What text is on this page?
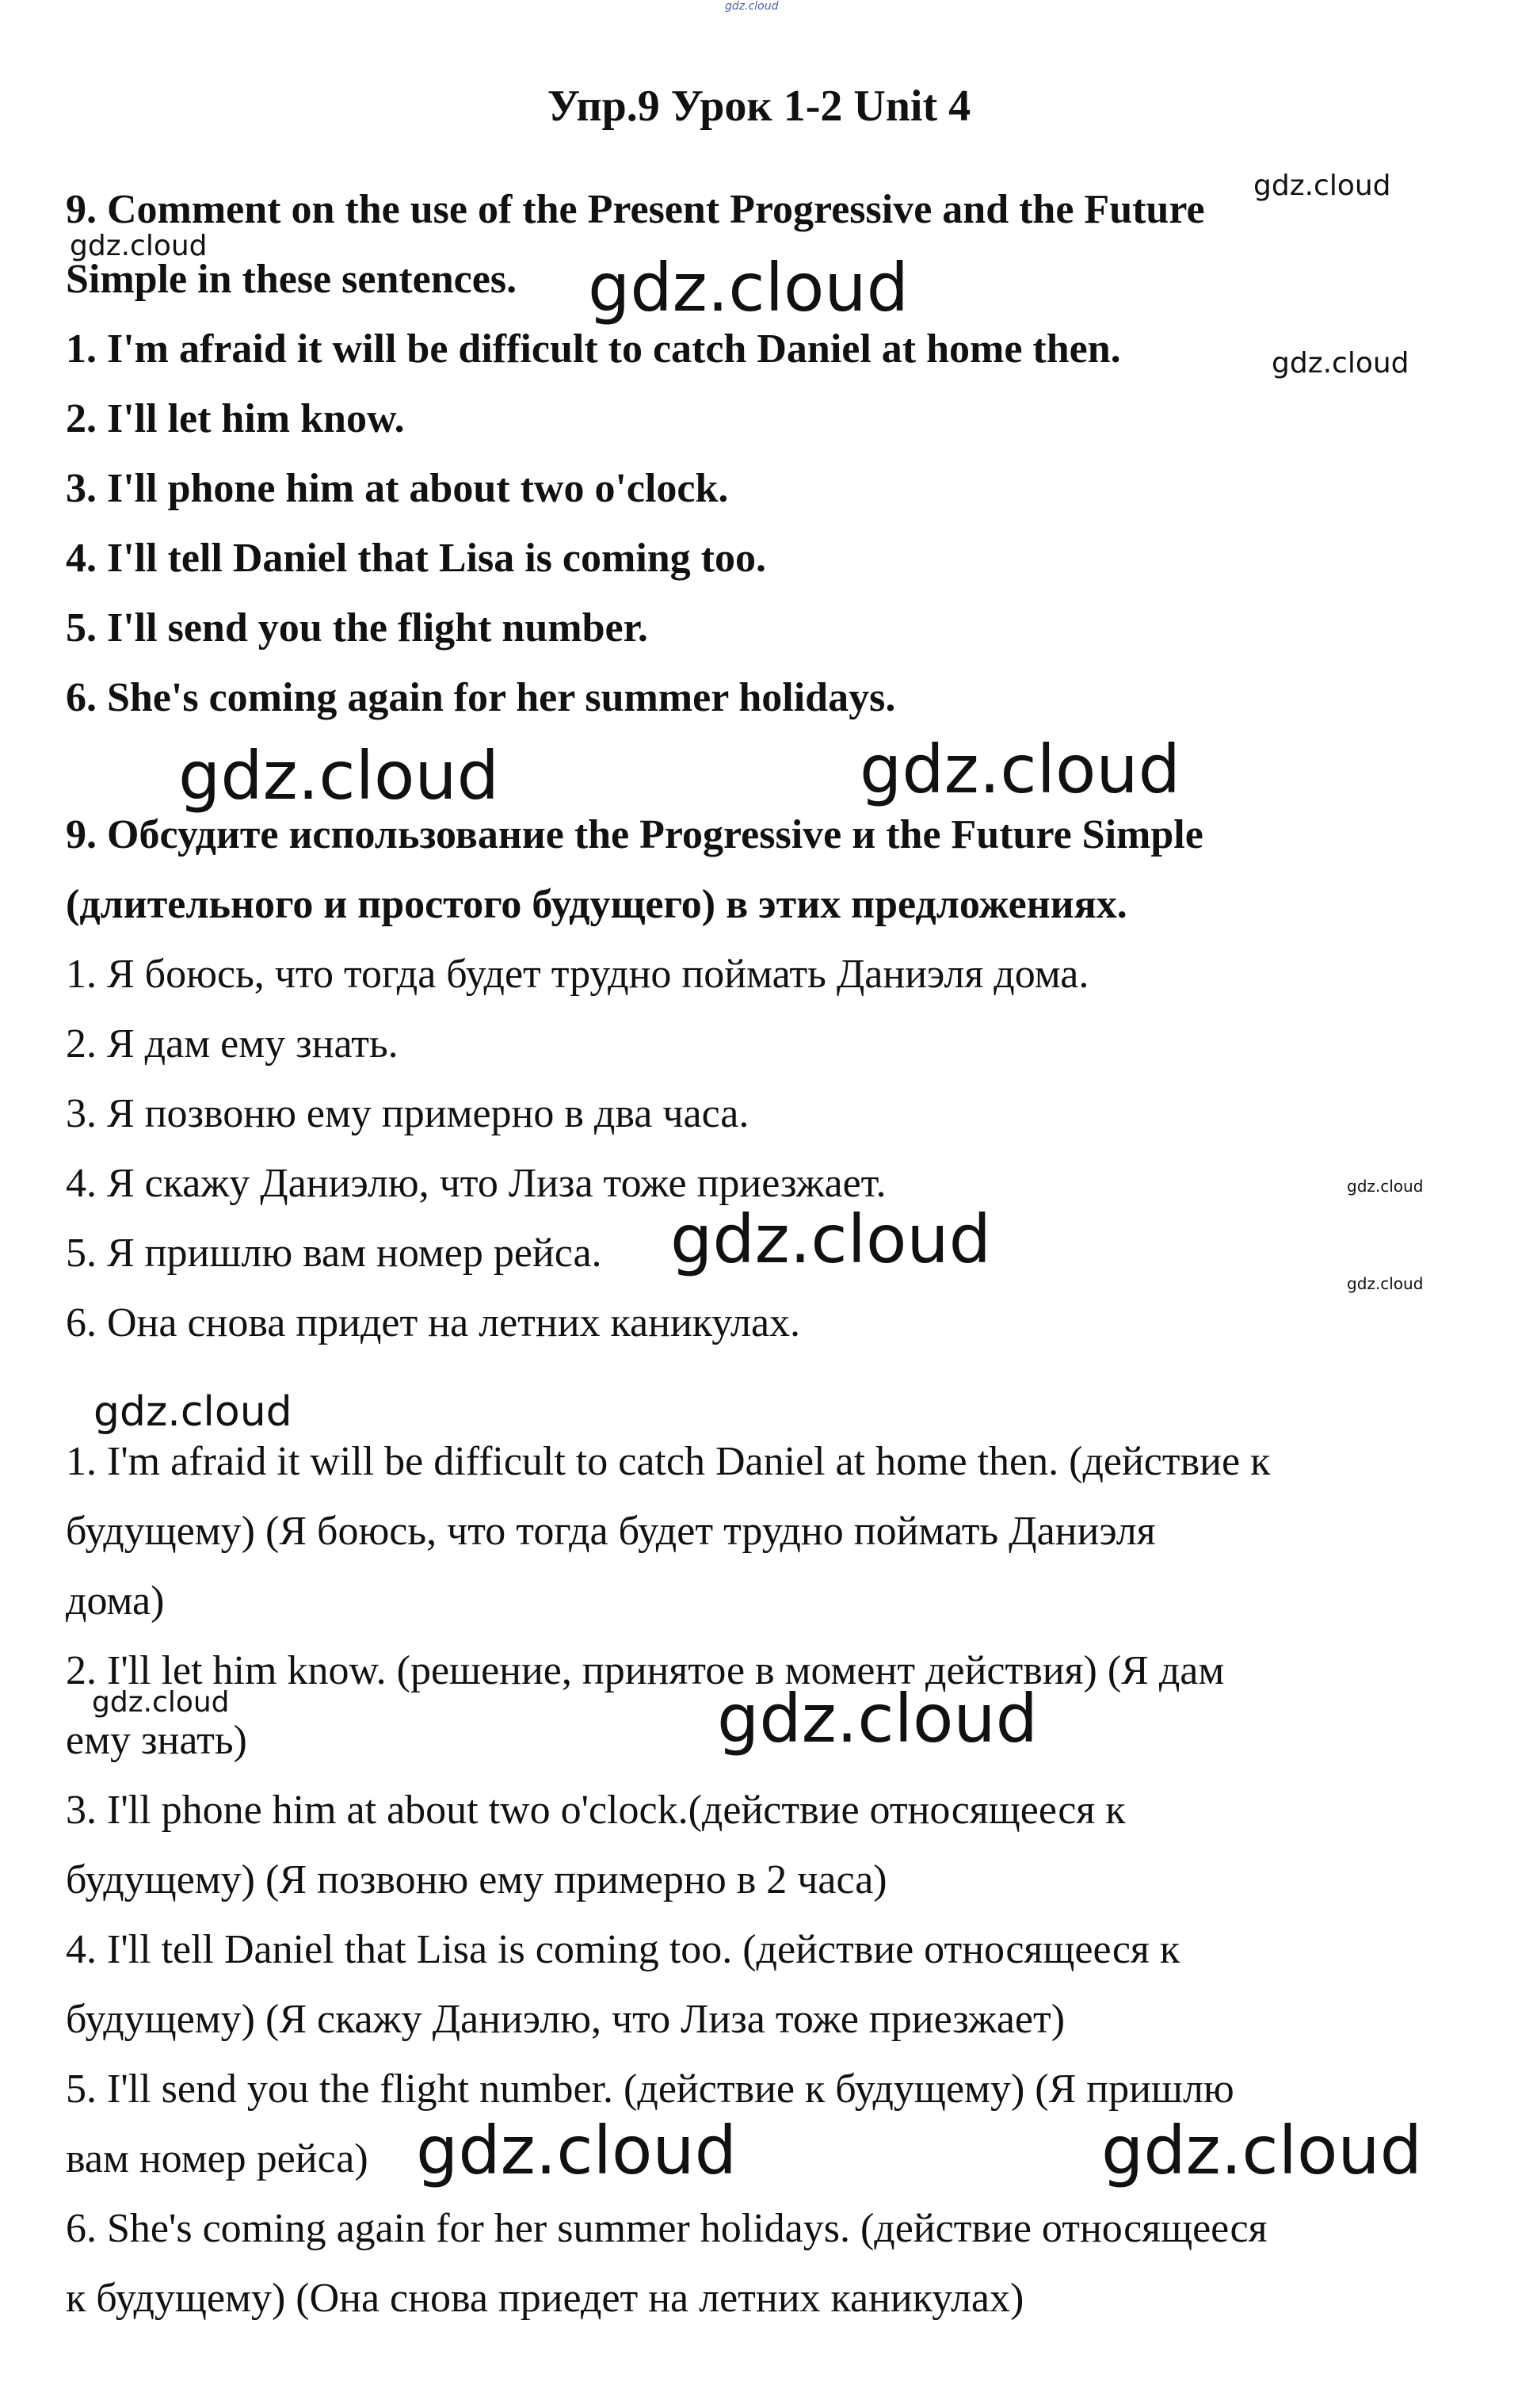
gdz.cloud
Упр.9 Урок 1-2 Unit 4
9. Comment on the use of the Present Progressive and the Future
Simple in these sentences.
1. I'm afraid it will be difficult to catch Daniel at home then.
2. I'll let him know.
3. I'll phone him at about two o'clock.
4. I'll tell Daniel that Lisa is coming too.
5. I'll send you the flight number.
6. She's coming again for her summer holidays.
9. Обсудите использование the Progressive и the Future Simple
(длительного и простого будущего) в этих предложениях.
1. Я боюсь, что тогда будет трудно поймать Даниэля дома.
2. Я дам ему знать.
3. Я позвоню ему примерно в два часа.
4. Я скажу Даниэлю, что Лиза тоже приезжает.
5. Я пришлю вам номер рейса.
6. Она снова придет на летних каникулах.
1. I'm afraid it will be difficult to catch Daniel at home then. (действие к
будущему) (Я боюсь, что тогда будет трудно поймать Даниэля
дома)
2. I'll let him know. (решение, принятое в момент действия) (Я дам
ему знать)
3. I'll phone him at about two o'clock.(действие относящееся к
будущему) (Я позвоню ему примерно в 2 часа)
4. I'll tell Daniel that Lisa is coming too. (действие относящееся к
будущему) (Я скажу Даниэлю, что Лиза тоже приезжает)
5. I'll send you the flight number. (действие к будущему) (Я пришлю
вам номер рейса)
6. She's coming again for her summer holidays. (действие относящееся
к будущему) (Она снова приедет на летних каникулах)
gdz.cloud
gdz.cloud
gdz.cloud
gdz.cloud
gdz.cloud	gdz.cloud
gdz.cloud
gdz.cloud
gdz.cloud
gdz.cloud
gdz.cloud	gdz.cloud
gdz.cloud	gdz.cloud
